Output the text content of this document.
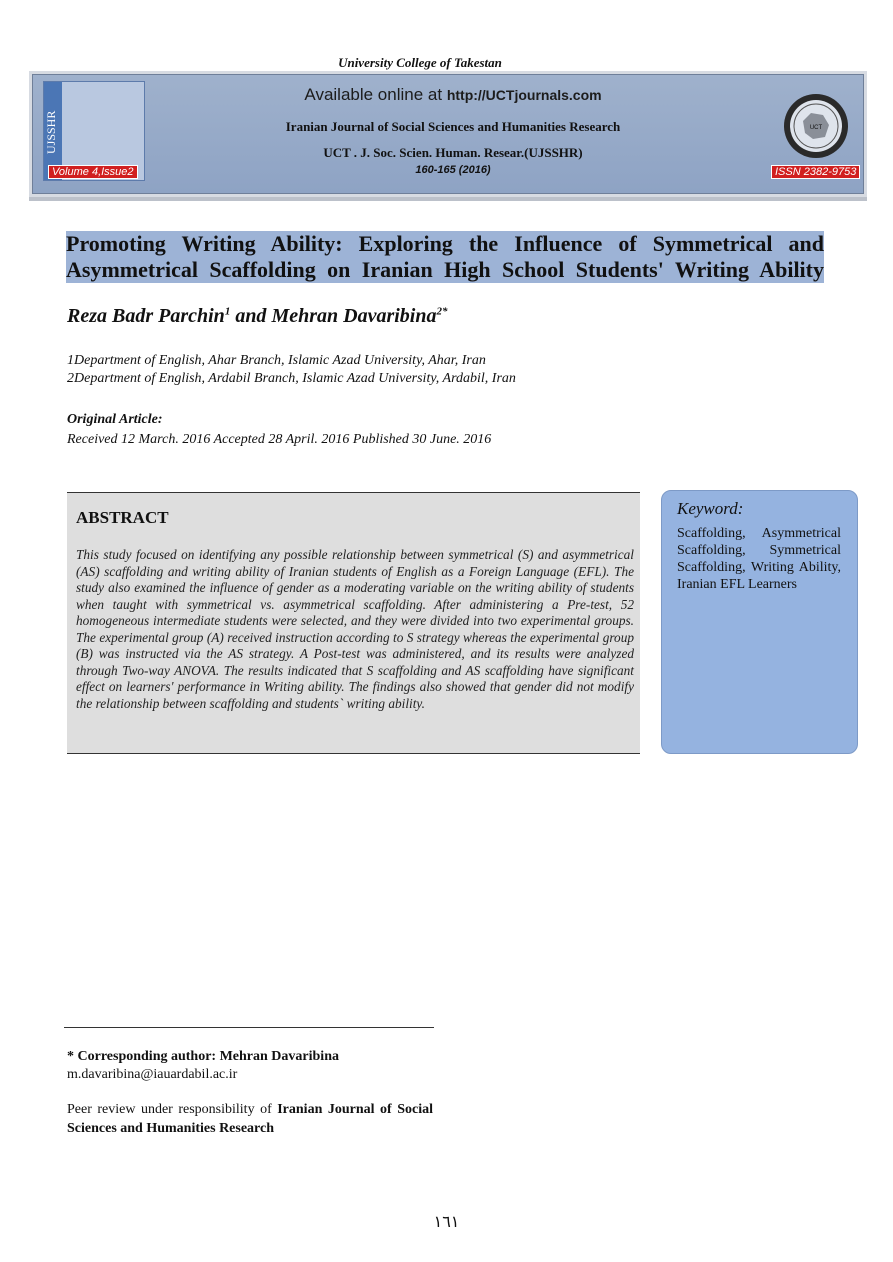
University College of Takestan
UJSSHR
Available online at http://UCTjournals.com
Iranian Journal of Social Sciences and Humanities Research
UCT . J. Soc. Scien. Human. Resear.(UJSSHR)
160-165 (2016)
Volume 4,Issue2	ISSN 2382-9753
UCT
Promoting Writing Ability: Exploring the Influence of Symmetrical and Asymmetrical Scaffolding on Iranian High School Students' Writing Ability
Reza Badr Parchin$^1$ and Mehran Davaribina$^{2*}$
1Department of English, Ahar Branch, Islamic Azad University, Ahar, Iran
2Department of English, Ardabil Branch, Islamic Azad University, Ardabil, Iran
Original Article:
Received 12 March. 2016 Accepted 28 April. 2016 Published 30 June. 2016
ABSTRACT
This study focused on identifying any possible relationship between symmetrical (S) and asymmetrical (AS) scaffolding and writing ability of Iranian students of English as a Foreign Language (EFL). The study also examined the influence of gender as a moderating variable on the writing ability of students when taught with symmetrical vs. asymmetrical scaffolding. After administering a Pre-test, 52 homogeneous intermediate students were selected, and they were divided into two experimental groups. The experimental group (A) received instruction according to S strategy whereas the experimental group (B) was instructed via the AS strategy. A Post-test was administered, and its results were analyzed through Two-way ANOVA. The results indicated that S scaffolding and AS scaffolding have significant effect on learners' performance in Writing ability. The findings also showed that gender did not modify the relationship between scaffolding and students` writing ability.
Keyword:
Scaffolding, Asymmetrical Scaffolding, Symmetrical Scaffolding, Writing Ability, Iranian EFL Learners
* Corresponding author: Mehran Davaribina
m.davaribina@iauardabil.ac.ir
Peer review under responsibility of Iranian Journal of Social Sciences and Humanities Research
١٦١
